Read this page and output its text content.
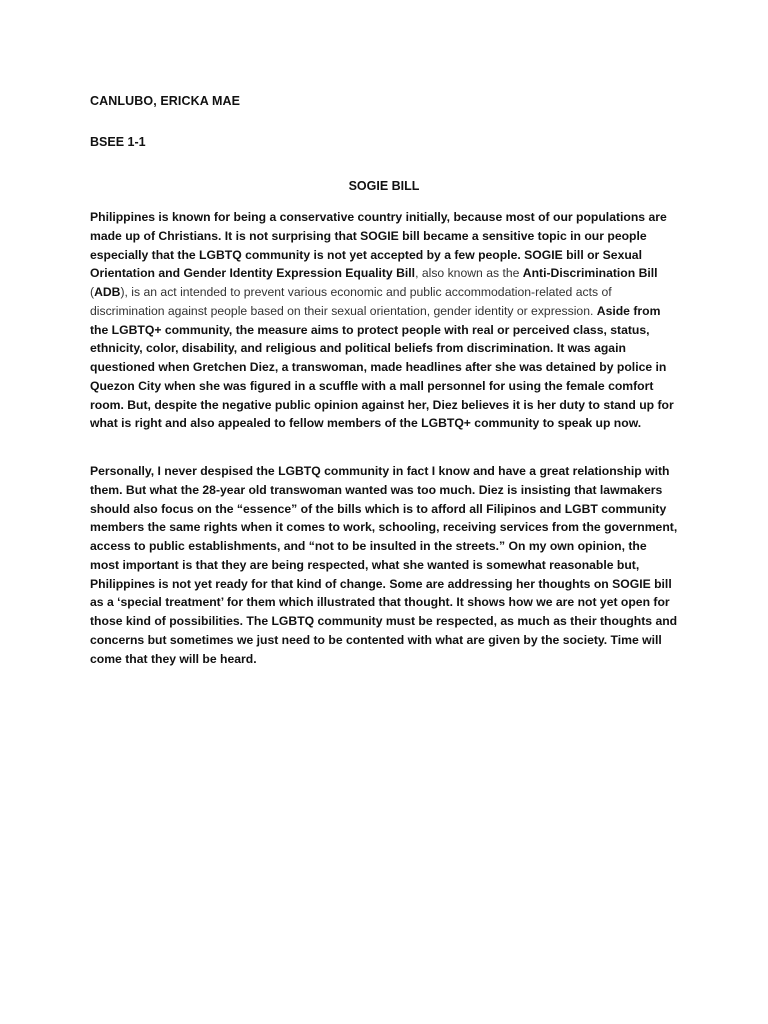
CANLUBO, ERICKA MAE
BSEE 1-1
SOGIE BILL

Philippines is known for being a conservative country initially, because most of our populations are made up of Christians. It is not surprising that SOGIE bill became a sensitive topic in our people especially that the LGBTQ community is not yet accepted by a few people. SOGIE bill or Sexual Orientation and Gender Identity Expression Equality Bill, also known as the Anti-Discrimination Bill (ADB), is an act intended to prevent various economic and public accommodation-related acts of discrimination against people based on their sexual orientation, gender identity or expression. Aside from the LGBTQ+ community, the measure aims to protect people with real or perceived class, status, ethnicity, color, disability, and religious and political beliefs from discrimination. It was again questioned when Gretchen Diez, a transwoman, made headlines after she was detained by police in Quezon City when she was figured in a scuffle with a mall personnel for using the female comfort room. But, despite the negative public opinion against her, Diez believes it is her duty to stand up for what is right and also appealed to fellow members of the LGBTQ+ community to speak up now.

Personally, I never despised the LGBTQ community in fact I know and have a great relationship with them. But what the 28-year old transwoman wanted was too much. Diez is insisting that lawmakers should also focus on the “essence” of the bills which is to afford all Filipinos and LGBT community members the same rights when it comes to work, schooling, receiving services from the government, access to public establishments, and “not to be insulted in the streets.” On my own opinion, the most important is that they are being respected, what she wanted is somewhat reasonable but, Philippines is not yet ready for that kind of change. Some are addressing her thoughts on SOGIE bill as a ‘special treatment’ for them which illustrated that thought. It shows how we are not yet open for those kind of possibilities. The LGBTQ community must be respected, as much as their thoughts and concerns but sometimes we just need to be contented with what are given by the society. Time will come that they will be heard.
